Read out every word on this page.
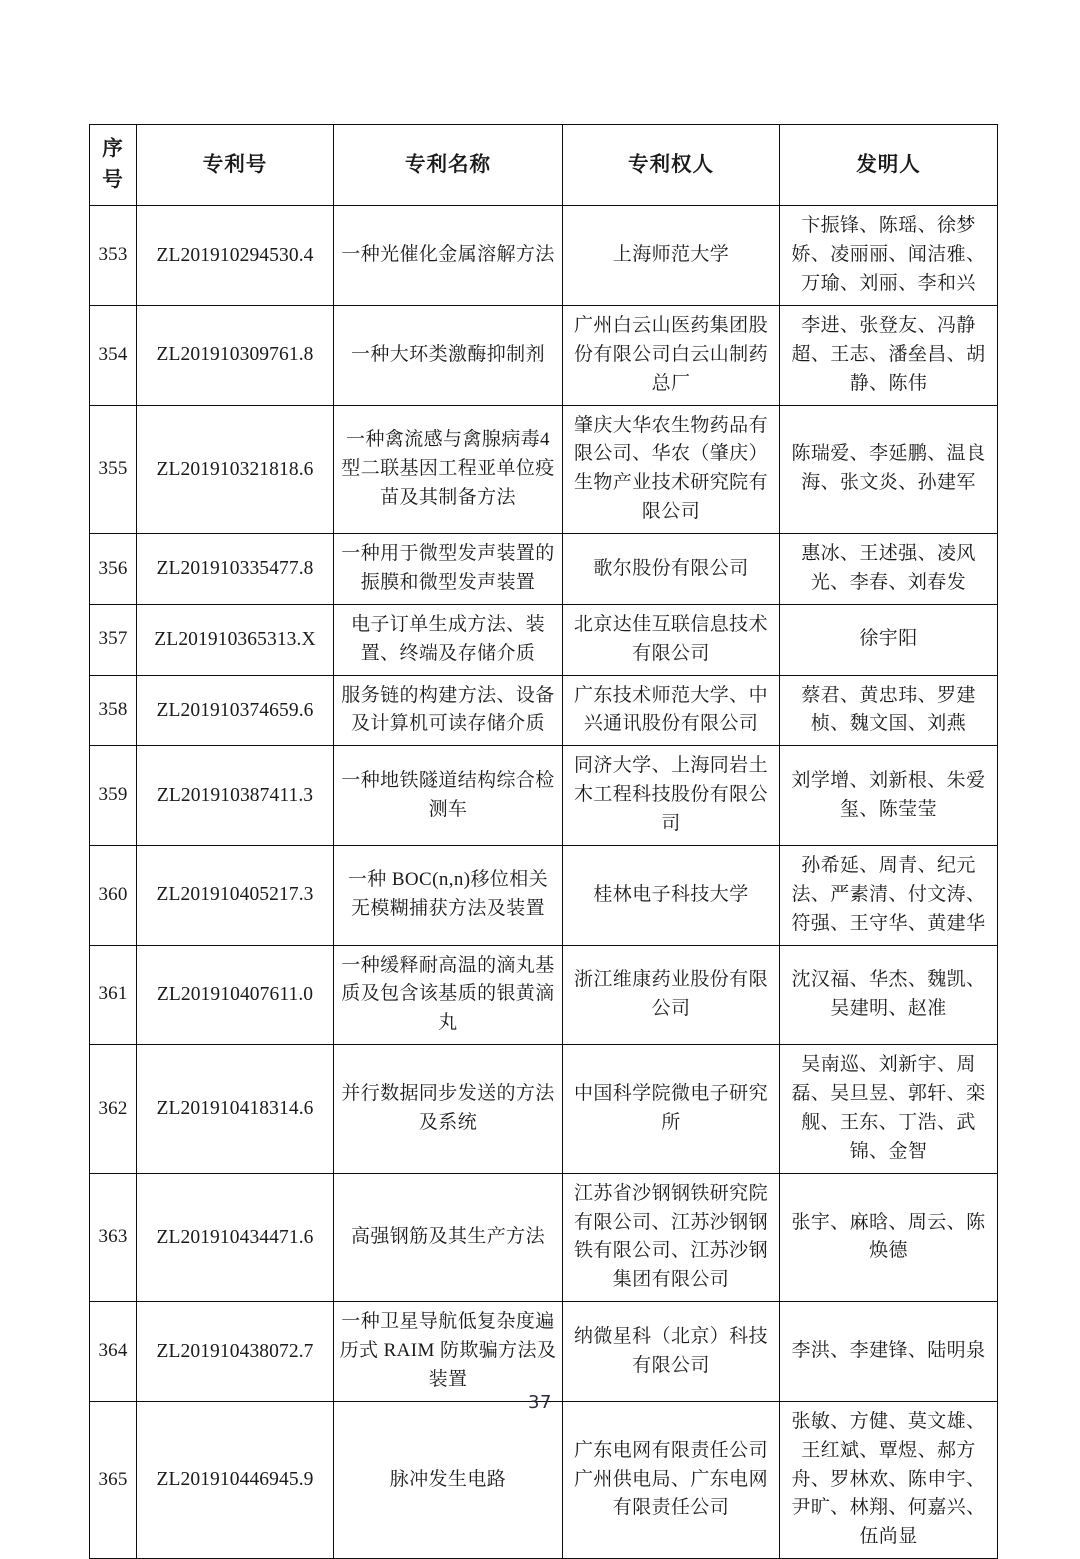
序
号	专利号	专利名称	专利权人	发明人
353	ZL201910294530.4	一种光催化金属溶解方法	上海师范大学	卞振锋、陈瑶、徐梦娇、凌丽丽、闻洁雅、万瑜、刘丽、李和兴
354	ZL201910309761.8	一种大环类激酶抑制剂	广州白云山医药集团股份有限公司白云山制药总厂	李进、张登友、冯静超、王志、潘垒昌、胡静、陈伟
355	ZL201910321818.6	一种禽流感与禽腺病毒4型二联基因工程亚单位疫苗及其制备方法	肇庆大华农生物药品有限公司、华农（肇庆）生物产业技术研究院有限公司	陈瑞爱、李延鹏、温良海、张文炎、孙建军
356	ZL201910335477.8	一种用于微型发声装置的振膜和微型发声装置	歌尔股份有限公司	惠冰、王述强、凌风光、李春、刘春发
357	ZL201910365313.X	电子订单生成方法、装置、终端及存储介质	北京达佳互联信息技术有限公司	徐宇阳
358	ZL201910374659.6	服务链的构建方法、设备及计算机可读存储介质	广东技术师范大学、中兴通讯股份有限公司	蔡君、黄忠玮、罗建桢、魏文国、刘燕
359	ZL201910387411.3	一种地铁隧道结构综合检测车	同济大学、上海同岩土木工程科技股份有限公司	刘学增、刘新根、朱爱玺、陈莹莹
360	ZL201910405217.3	一种 BOC(n,n)移位相关无模糊捕获方法及装置	桂林电子科技大学	孙希延、周青、纪元法、严素清、付文涛、符强、王守华、黄建华
361	ZL201910407611.0	一种缓释耐高温的滴丸基质及包含该基质的银黄滴丸	浙江维康药业股份有限公司	沈汉福、华杰、魏凯、吴建明、赵准
362	ZL201910418314.6	并行数据同步发送的方法及系统	中国科学院微电子研究所	吴南巡、刘新宇、周磊、吴旦昱、郭轩、栾舰、王东、丁浩、武锦、金智
363	ZL201910434471.6	高强钢筋及其生产方法	江苏省沙钢钢铁研究院有限公司、江苏沙钢钢铁有限公司、江苏沙钢集团有限公司	张宇、麻晗、周云、陈焕德
364	ZL201910438072.7	一种卫星导航低复杂度遍历式 RAIM 防欺骗方法及装置	纳微星科（北京）科技有限公司	李洪、李建锋、陆明泉
365	ZL201910446945.9	脉冲发生电路	广东电网有限责任公司广州供电局、广东电网有限责任公司	张敏、方健、莫文雄、王红斌、覃煜、郝方舟、罗林欢、陈申宇、尹旷、林翔、何嘉兴、伍尚显
37
